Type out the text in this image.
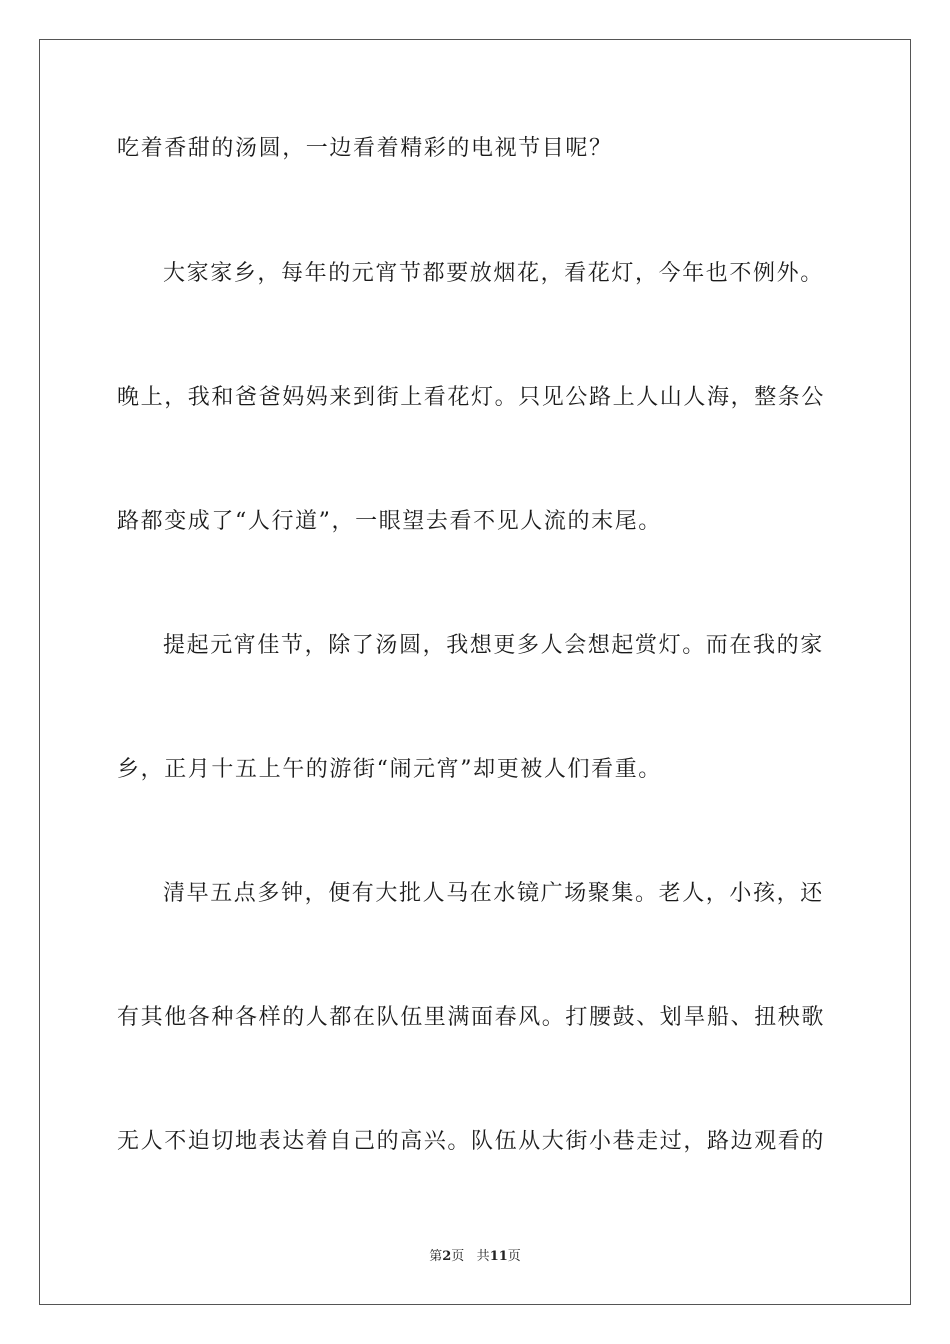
吃着香甜的汤圆，一边看着精彩的电视节目呢？
大家家乡，每年的元宵节都要放烟花，看花灯，今年也不例外。
晚上，我和爸爸妈妈来到街上看花灯。只见公路上人山人海，整条公
路都变成了“人行道”，一眼望去看不见人流的末尾。
提起元宵佳节，除了汤圆，我想更多人会想起赏灯。而在我的家
乡，正月十五上午的游街“闹元宵”却更被人们看重。
清早五点多钟，便有大批人马在水镜广场聚集。老人，小孩，还
有其他各种各样的人都在队伍里满面春风。打腰鼓、划旱船、扭秧歌
无人不迫切地表达着自己的高兴。队伍从大街小巷走过，路边观看的
第2页 共11页
